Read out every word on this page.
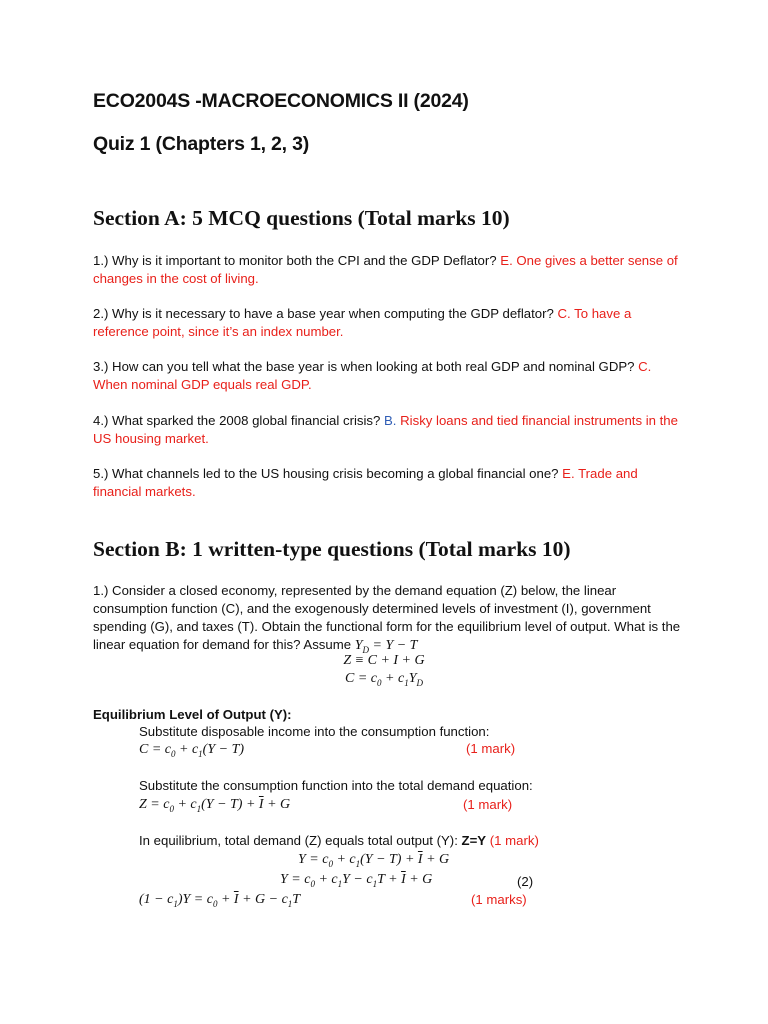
ECO2004S -MACROECONOMICS II (2024)
Quiz 1 (Chapters 1, 2, 3)
Section A: 5 MCQ questions (Total marks 10)
1.) Why is it important to monitor both the CPI and the GDP Deflator? E. One gives a better sense of changes in the cost of living.
2.) Why is it necessary to have a base year when computing the GDP deflator? C. To have a reference point, since it’s an index number.
3.) How can you tell what the base year is when looking at both real GDP and nominal GDP? C. When nominal GDP equals real GDP.
4.) What sparked the 2008 global financial crisis? B. Risky loans and tied financial instruments in the US housing market.
5.) What channels led to the US housing crisis becoming a global financial one? E. Trade and financial markets.
Section B: 1 written-type questions (Total marks 10)
1.) Consider a closed economy, represented by the demand equation (Z) below, the linear consumption function (C), and the exogenously determined levels of investment (I), government spending (G), and taxes (T). Obtain the functional form for the equilibrium level of output. What is the linear equation for demand for this? Assume $Y_D = Y - T$
Z ≡ C + I + G
$C = c_0 + c_1Y_D$
Equilibrium Level of Output (Y):
Substitute disposable income into the consumption function:
$C = c_0 + c_1(Y - T)$	(1 mark)
Substitute the consumption function into the total demand equation:
$Z = c_0 + c_1(Y - T) + \overline{I} + G$	(1 mark)
In equilibrium, total demand (Z) equals total output (Y): Z=Y (1 mark)
$Y = c_0 + c_1(Y - T) + \overline{I} + G$
$Y = c_0 + c_1Y - c_1T + \overline{I} + G$	(2)
$(1 - c_1)Y = c_0 + \overline{I} + G - c_1T$	(1 marks)
